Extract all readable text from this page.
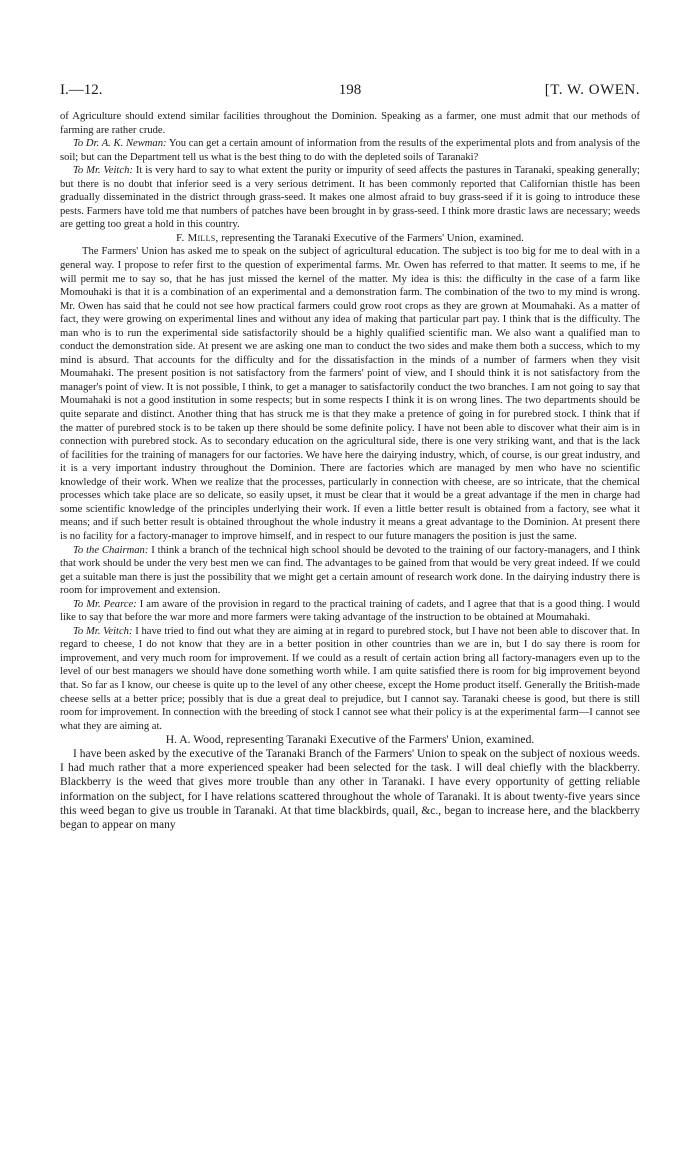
I.—12.	198	[T. W. OWEN.

of Agriculture should extend similar facilities throughout the Dominion. Speaking as a farmer, one must admit that our methods of farming are rather crude.

To Dr. A. K. Newman: You can get a certain amount of information from the results of the experimental plots and from analysis of the soil; but can the Department tell us what is the best thing to do with the depleted soils of Taranaki?

To Mr. Veitch: It is very hard to say to what extent the purity or impurity of seed affects the pastures in Taranaki, speaking generally; but there is no doubt that inferior seed is a very serious detriment. It has been commonly reported that Californian thistle has been gradually disseminated in the district through grass-seed. It makes one almost afraid to buy grass-seed if it is going to introduce these pests. Farmers have told me that numbers of patches have been brought in by grass-seed. I think more drastic laws are necessary; weeds are getting too great a hold in this country.

F. Mills, representing the Taranaki Executive of the Farmers' Union, examined.

The Farmers' Union has asked me to speak on the subject of agricultural education. The subject is too big for me to deal with in a general way. I propose to refer first to the question of experimental farms. Mr. Owen has referred to that matter. It seems to me, if he will permit me to say so, that he has just missed the kernel of the matter. My idea is this: the difficulty in the case of a farm like Momouhaki is that it is a combination of an experimental and a demonstration farm. The combination of the two to my mind is wrong. Mr. Owen has said that he could not see how practical farmers could grow root crops as they are grown at Moumahaki. As a matter of fact, they were growing on experimental lines and without any idea of making that particular part pay. I think that is the difficulty. The man who is to run the experimental side satisfactorily should be a highly qualified scientific man. We also want a qualified man to conduct the demonstration side. At present we are asking one man to conduct the two sides and make them both a success, which to my mind is absurd. That accounts for the difficulty and for the dissatisfaction in the minds of a number of farmers when they visit Moumahaki. The present position is not satisfactory from the farmers' point of view, and I should think it is not satisfactory from the manager's point of view. It is not possible, I think, to get a manager to satisfactorily conduct the two branches. I am not going to say that Moumahaki is not a good institution in some respects; but in some respects I think it is on wrong lines. The two departments should be quite separate and distinct. Another thing that has struck me is that they make a pretence of going in for purebred stock. I think that if the matter of purebred stock is to be taken up there should be some definite policy. I have not been able to discover what their aim is in connection with purebred stock. As to secondary education on the agricultural side, there is one very striking want, and that is the lack of facilities for the training of managers for our factories. We have here the dairying industry, which, of course, is our great industry, and it is a very important industry throughout the Dominion. There are factories which are managed by men who have no scientific knowledge of their work. When we realize that the processes, particularly in connection with cheese, are so intricate, that the chemical processes which take place are so delicate, so easily upset, it must be clear that it would be a great advantage if the men in charge had some scientific knowledge of the principles underlying their work. If even a little better result is obtained from a factory, see what it means; and if such better result is obtained throughout the whole industry it means a great advantage to the Dominion. At present there is no facility for a factory-manager to improve himself, and in respect to our future managers the position is just the same.

To the Chairman: I think a branch of the technical high school should be devoted to the training of our factory-managers, and I think that work should be under the very best men we can find. The advantages to be gained from that would be very great indeed. If we could get a suitable man there is just the possibility that we might get a certain amount of research work done. In the dairying industry there is room for improvement and extension.

To Mr. Pearce: I am aware of the provision in regard to the practical training of cadets, and I agree that that is a good thing. I would like to say that before the war more and more farmers were taking advantage of the instruction to be obtained at Moumahaki.

To Mr. Veitch: I have tried to find out what they are aiming at in regard to purebred stock, but I have not been able to discover that. In regard to cheese, I do not know that they are in a better position in other countries than we are in, but I do say there is room for improvement, and very much room for improvement. If we could as a result of certain action bring all factory-managers even up to the level of our best managers we should have done something worth while. I am quite satisfied there is room for big improvement beyond that. So far as I know, our cheese is quite up to the level of any other cheese, except the Home product itself. Generally the British-made cheese sells at a better price; possibly that is due a great deal to prejudice, but I cannot say. Taranaki cheese is good, but there is still room for improvement. In connection with the breeding of stock I cannot see what their policy is at the experimental farm—I cannot see what they are aiming at.

H. A. Wood, representing Taranaki Executive of the Farmers' Union, examined.

I have been asked by the executive of the Taranaki Branch of the Farmers' Union to speak on the subject of noxious weeds. I had much rather that a more experienced speaker had been selected for the task. I will deal chiefly with the blackberry. Blackberry is the weed that gives more trouble than any other in Taranaki. I have every opportunity of getting reliable information on the subject, for I have relations scattered throughout the whole of Taranaki. It is about twenty-five years since this weed began to give us trouble in Taranaki. At that time blackbirds, quail, &c., began to increase here, and the blackberry began to appear on many
